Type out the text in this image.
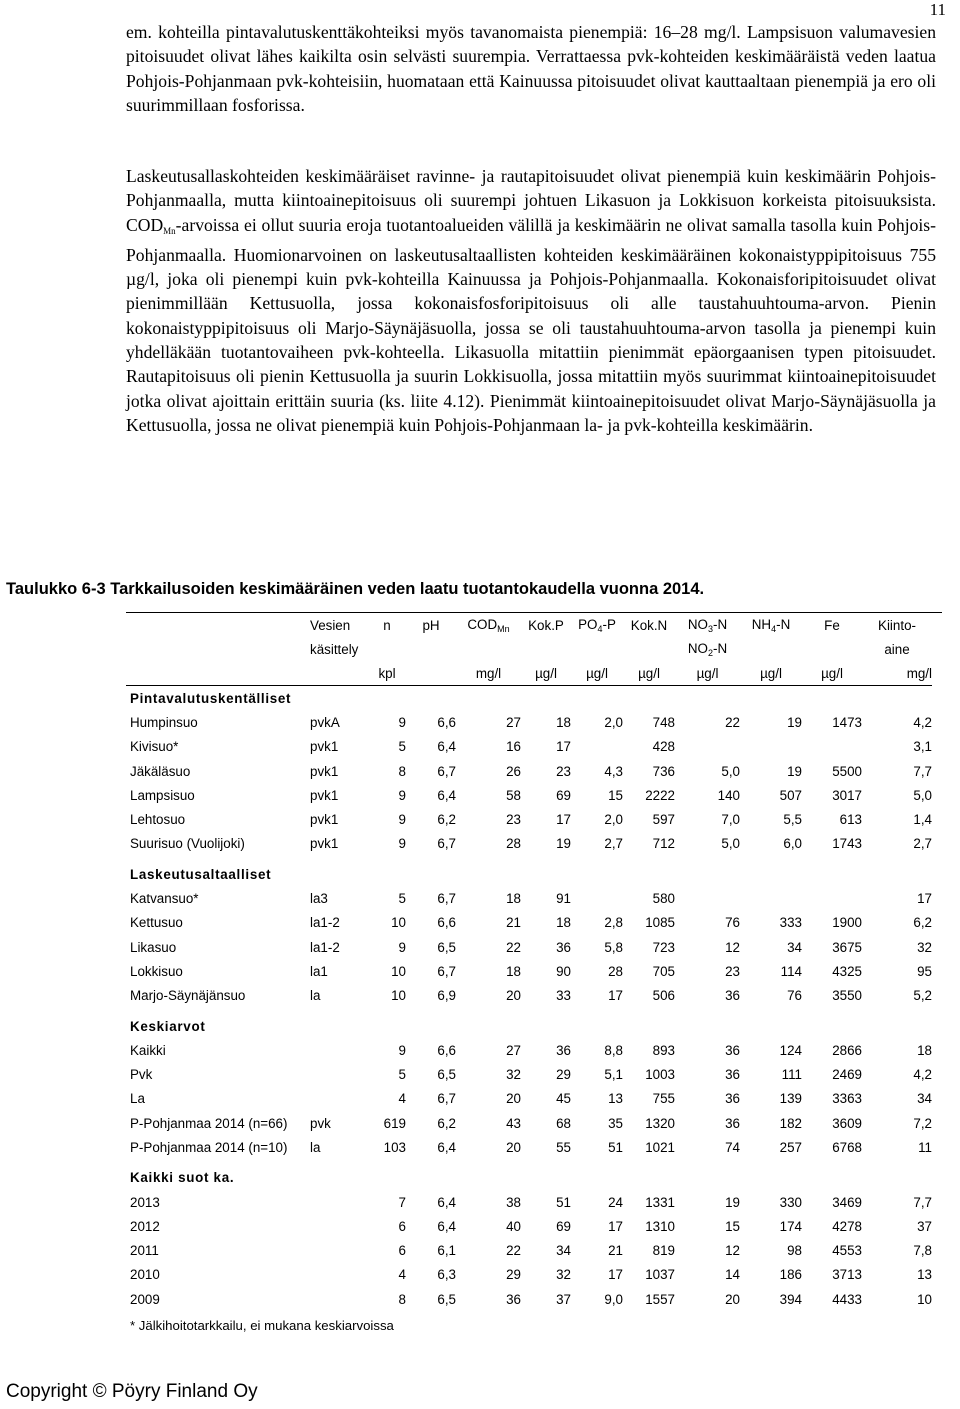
11

em. kohteilla pintavalutuskenttäkohteiksi myös tavanomaista pienempiä: 16–28 mg/l. Lampsisuon valumavesien pitoisuudet olivat lähes kaikilta osin selvästi suurempia. Verrattaessa pvk-kohteiden keskimääräistä veden laatua Pohjois-Pohjanmaan pvk-kohteisiin, huomataan että Kainuussa pitoisuudet olivat kauttaaltaan pienempiä ja ero oli suurimmillaan fosforissa.

Laskeutusallaskohteiden keskimääräiset ravinne- ja rautapitoisuudet olivat pienempiä kuin keskimäärin Pohjois-Pohjanmaalla, mutta kiintoainepitoisuus oli suurempi johtuen Likasuon ja Lokkisuon korkeista pitoisuuksista. $COD_{Mn}$-arvoissa ei ollut suuria eroja tuotantoalueiden välillä ja keskimäärin ne olivat samalla tasolla kuin Pohjois-Pohjanmaalla. Huomionarvoinen on laskeutusaltaallisten kohteiden keskimääräinen kokonaistyppipitoisuus 755 µg/l, joka oli pienempi kuin pvk-kohteilla Kainuussa ja Pohjois-Pohjanmaalla. Kokonaisforipitoisuudet olivat pienimmillään Kettusuolla, jossa kokonaisfosforipitoisuus oli alle taustahuuhtouma-arvon. Pienin kokonaistyppipitoisuus oli Marjo-Säynäjäsuolla, jossa se oli taustahuuhtouma-arvon tasolla ja pienempi kuin yhdelläkään tuotantovaiheen pvk-kohteella. Likasuolla mitattiin pienimmät epäorgaanisen typen pitoisuudet. Rautapitoisuus oli pienin Kettusuolla ja suurin Lokkisuolla, jossa mitattiin myös suurimmat kiintoainepitoisuudet jotka olivat ajoittain erittäin suuria (ks. liite 4.12). Pienimmät kiintoainepitoisuudet olivat Marjo-Säynäjäsuolla ja Kettusuolla, jossa ne olivat pienempiä kuin Pohjois-Pohjanmaan la- ja pvk-kohteilla keskimäärin.

Taulukko 6-3 Tarkkailusoiden keskimääräinen veden laatu tuotantokaudella vuonna 2014.
	Vesien	n	pH	$COD_{Mn}$	Kok.P	$PO_4-P$	Kok.N	$NO_3-N$	$NH_4-N$	Fe	Kiinto-
	käsittely							$NO_2-N$			aine
		kpl		mg/l	µg/l	µg/l	µg/l	µg/l	µg/l	µg/l	mg/l
Pintavalutuskentälliset											
Humpinsuo	pvkA	9	6,6	27	18	2,0	748	22	19	1473	4,2
Kivisuo*	pvk1	5	6,4	16	17		428				3,1
Jäkäläsuo	pvk1	8	6,7	26	23	4,3	736	5,0	19	5500	7,7
Lampsisuo	pvk1	9	6,4	58	69	15	2222	140	507	3017	5,0
Lehtosuo	pvk1	9	6,2	23	17	2,0	597	7,0	5,5	613	1,4
Suurisuo (Vuolijoki)	pvk1	9	6,7	28	19	2,7	712	5,0	6,0	1743	2,7

Laskeutusaltaalliset											
Katvansuo*	la3	5	6,7	18	91		580				17
Kettusuo	la1-2	10	6,6	21	18	2,8	1085	76	333	1900	6,2
Likasuo	la1-2	9	6,5	22	36	5,8	723	12	34	3675	32
Lokkisuo	la1	10	6,7	18	90	28	705	23	114	4325	95
Marjo-Säynäjänsuo	la	10	6,9	20	33	17	506	36	76	3550	5,2

Keskiarvot											
Kaikki		9	6,6	27	36	8,8	893	36	124	2866	18
Pvk		5	6,5	32	29	5,1	1003	36	111	2469	4,2
La		4	6,7	20	45	13	755	36	139	3363	34
P-Pohjanmaa 2014 (n=66)	pvk	619	6,2	43	68	35	1320	36	182	3609	7,2
P-Pohjanmaa 2014 (n=10)	la	103	6,4	20	55	51	1021	74	257	6768	11

Kaikki suot ka.											
2013		7	6,4	38	51	24	1331	19	330	3469	7,7
2012		6	6,4	40	69	17	1310	15	174	4278	37
2011		6	6,1	22	34	21	819	12	98	4553	7,8
2010		4	6,3	29	32	17	1037	14	186	3713	13
2009		8	6,5	36	37	9,0	1557	20	394	4433	10
* Jälkihoitotarkkailu, ei mukana keskiarvoissa
Copyright © Pöyry Finland Oy
